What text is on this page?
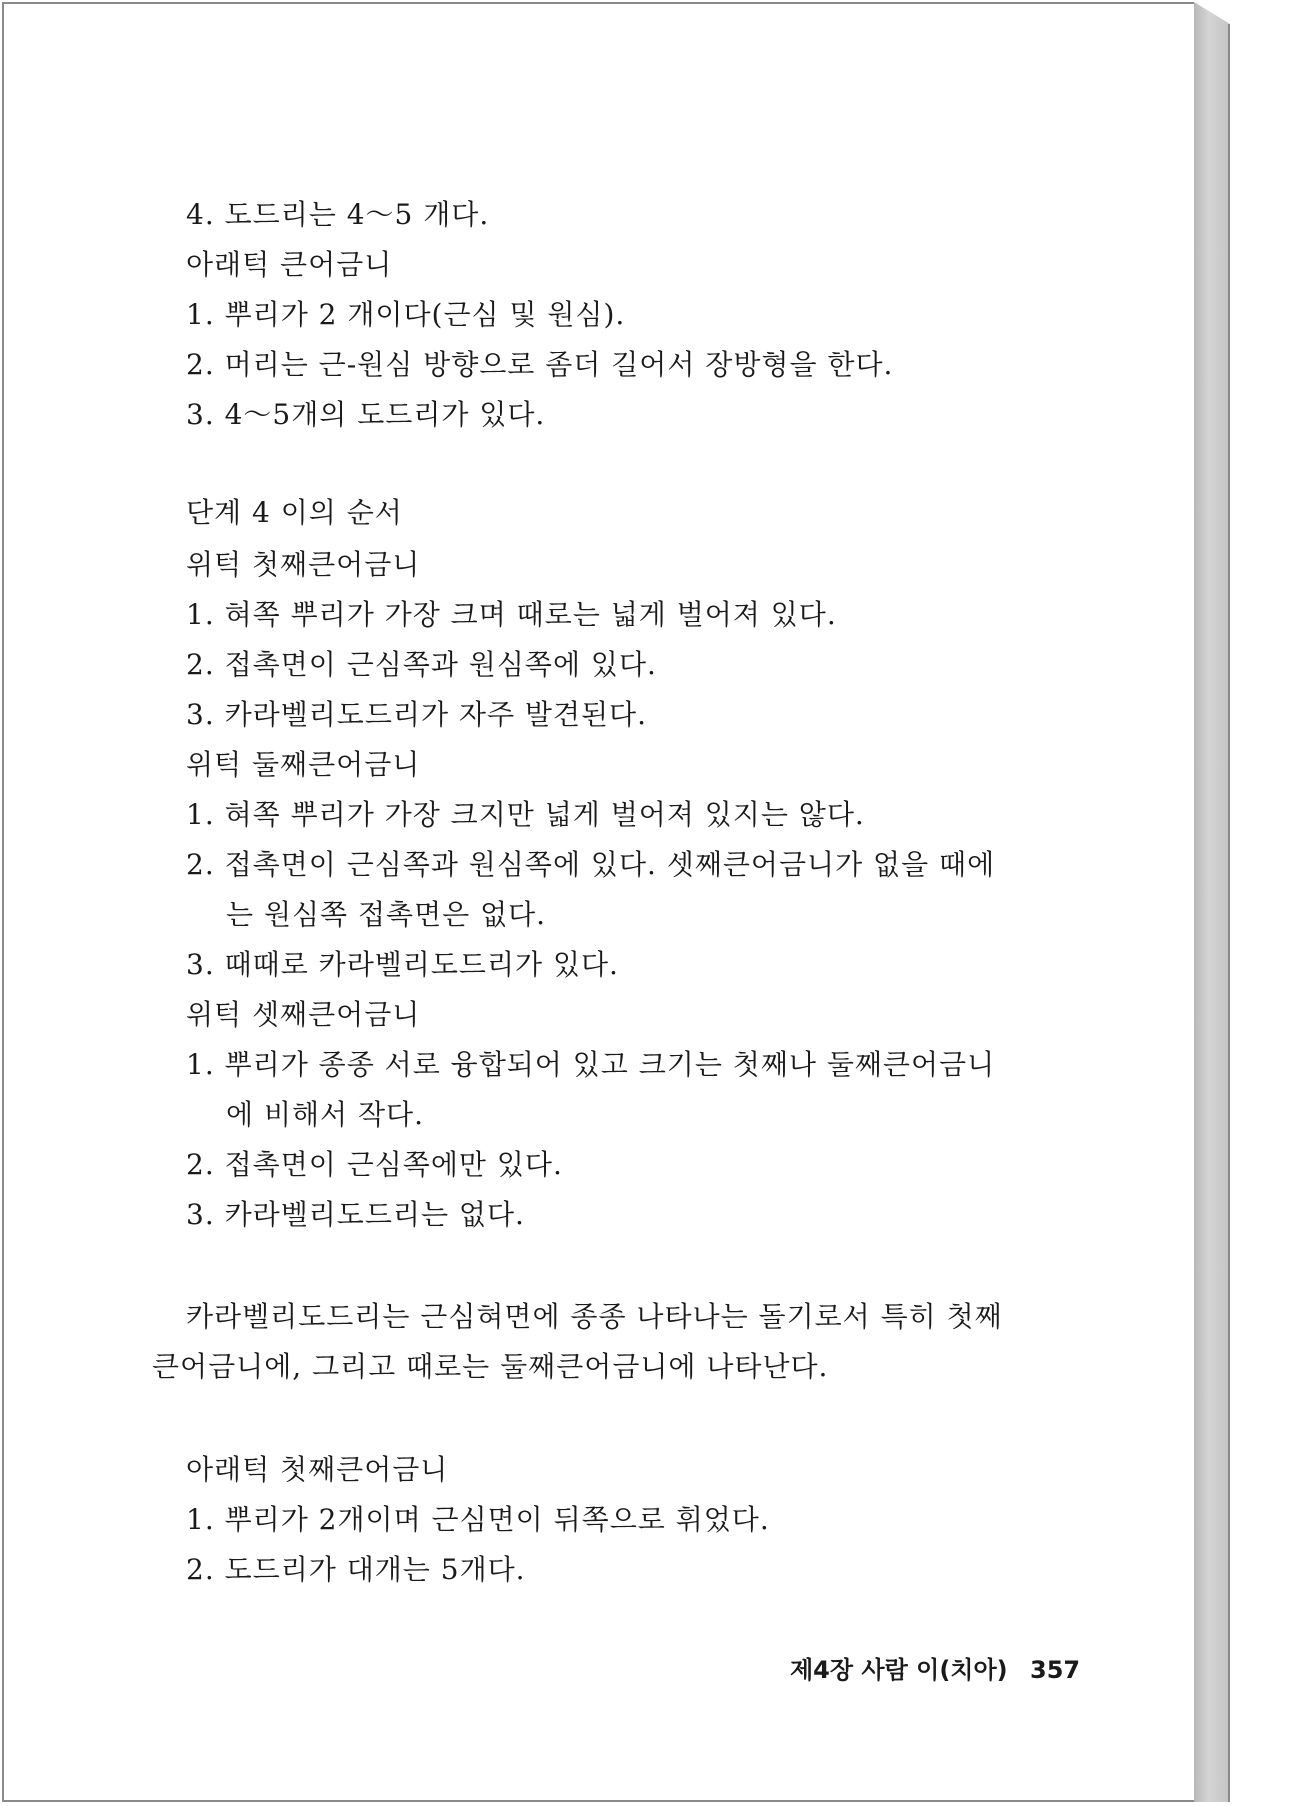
4. 도드리는 4～5 개다.
아래턱 큰어금니
1. 뿌리가 2 개이다(근심 및 원심).
2. 머리는 근-원심 방향으로 좀더 길어서 장방형을 한다.
3. 4～5개의 도드리가 있다.
단계 4 이의 순서
위턱 첫째큰어금니
1. 혀쪽 뿌리가 가장 크며 때로는 넓게 벌어져 있다.
2. 접촉면이 근심쪽과 원심쪽에 있다.
3. 카라벨리도드리가 자주 발견된다.
위턱 둘째큰어금니
1. 혀쪽 뿌리가 가장 크지만 넓게 벌어져 있지는 않다.
2. 접촉면이 근심쪽과 원심쪽에 있다. 셋째큰어금니가 없을 때에
는 원심쪽 접촉면은 없다.
3. 때때로 카라벨리도드리가 있다.
위턱 셋째큰어금니
1. 뿌리가 종종 서로 융합되어 있고 크기는 첫째나 둘째큰어금니
에 비해서 작다.
2. 접촉면이 근심쪽에만 있다.
3. 카라벨리도드리는 없다.
카라벨리도드리는 근심혀면에 종종 나타나는 돌기로서 특히 첫째
큰어금니에, 그리고 때로는 둘째큰어금니에 나타난다.
아래턱 첫째큰어금니
1. 뿌리가 2개이며 근심면이 뒤쪽으로 휘었다.
2. 도드리가 대개는 5개다.
제4장 사람 이(치아) 357
